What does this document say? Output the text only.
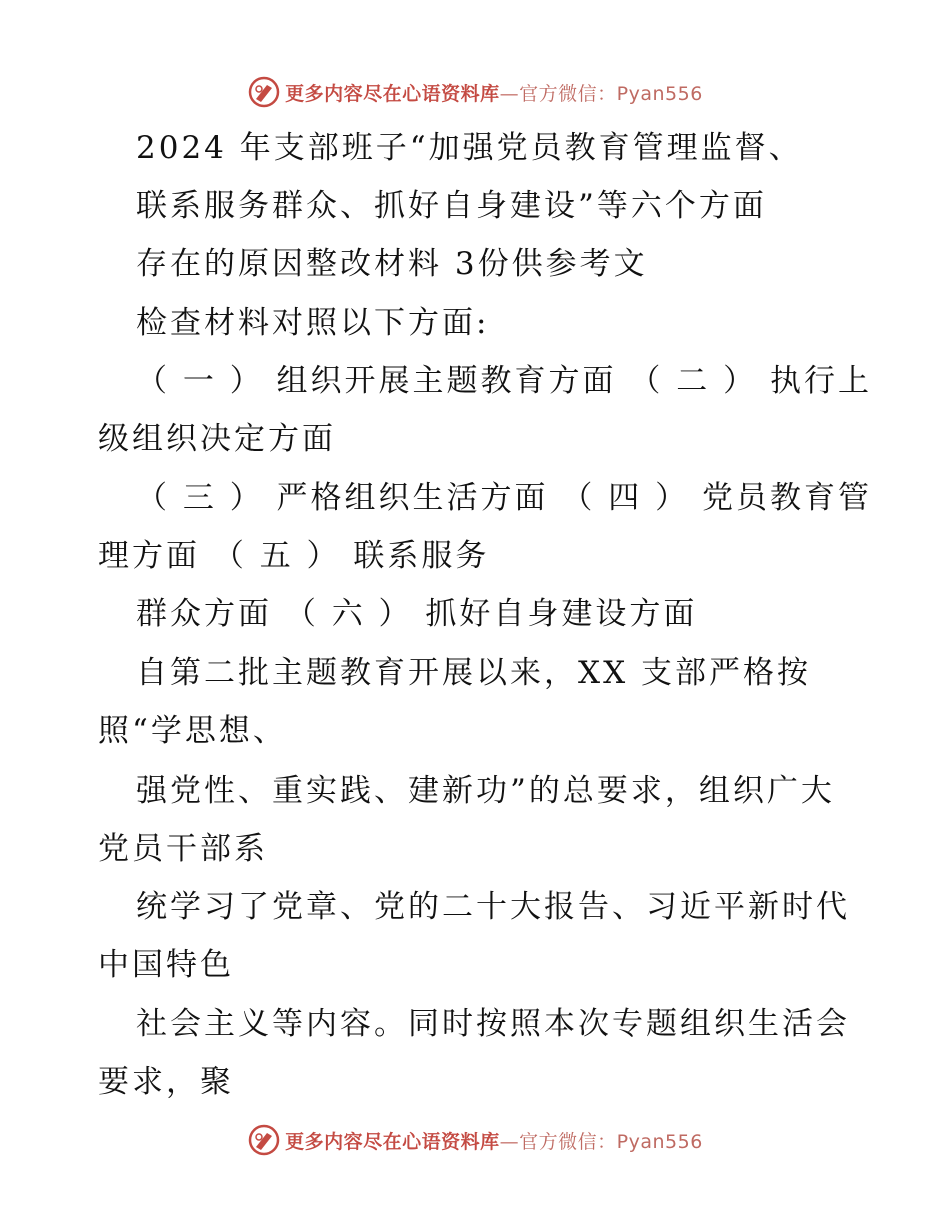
更多内容尽在心语资料库—官方微信：Pyan556
2024 年支部班子“加强党员教育管理监督、
联系服务群众、抓好自身建设”等六个方面
存在的原因整改材料 3份供参考文
检查材料对照以下方面:
（ 一 ） 组织开展主题教育方面 （ 二 ） 执行上
级组织决定方面
（ 三 ） 严格组织生活方面 （ 四 ） 党员教育管
理方面 （ 五 ） 联系服务
群众方面 （ 六 ） 抓好自身建设方面
自第二批主题教育开展以来，XX 支部严格按
照“学思想、
强党性、重实践、建新功”的总要求，组织广大
党员干部系
统学习了党章、党的二十大报告、习近平新时代
中国特色
社会主义等内容。同时按照本次专题组织生活会
要求，聚
更多内容尽在心语资料库—官方微信：Pyan556
